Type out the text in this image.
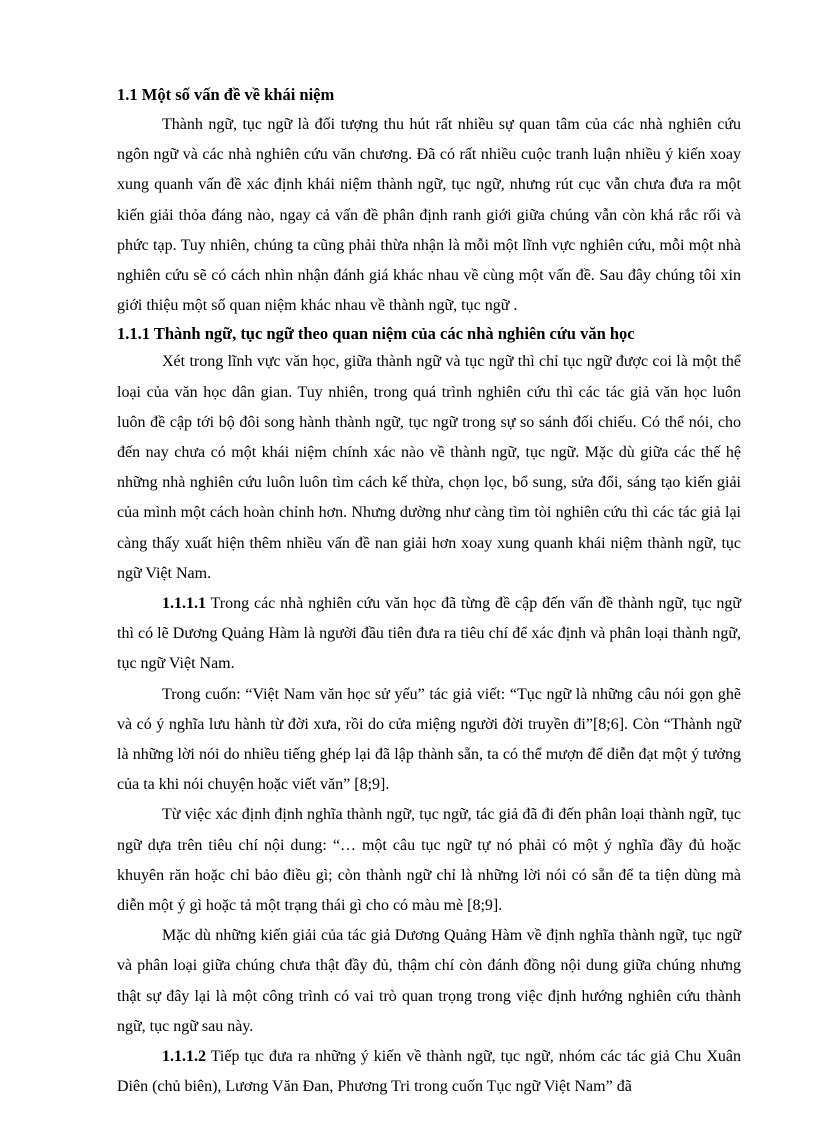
1.1 Một số vấn đề về khái niệm

Thành ngữ, tục ngữ là đối tượng thu hút rất nhiều sự quan tâm của các nhà nghiên cứu ngôn ngữ và các nhà nghiên cứu văn chương. Đã có rất nhiều cuộc tranh luận nhiều ý kiến xoay xung quanh vấn đề xác định khái niệm thành ngữ, tục ngữ, nhưng rút cục vẫn chưa đưa ra một kiến giải thỏa đáng nào, ngay cả vấn đề phân định ranh giới giữa chúng vẫn còn khá rắc rối và phức tạp. Tuy nhiên, chúng ta cũng phải thừa nhận là mỗi một lĩnh vực nghiên cứu, mỗi một nhà nghiên cứu sẽ có cách nhìn nhận đánh giá khác nhau về cùng một vấn đề. Sau đây chúng tôi xin giới thiệu một số quan niệm khác nhau về thành ngữ, tục ngữ .

1.1.1 Thành ngữ, tục ngữ theo quan niệm của các nhà nghiên cứu văn học

Xét trong lĩnh vực văn học, giữa thành ngữ và tục ngữ thì chỉ tục ngữ được coi là một thể loại của văn học dân gian. Tuy nhiên, trong quá trình nghiên cứu thì các tác giả văn học luôn luôn đề cập tới bộ đôi song hành thành ngữ, tục ngữ trong sự so sánh đối chiếu. Có thể nói, cho đến nay chưa có một khái niệm chính xác nào về thành ngữ, tục ngữ. Mặc dù giữa các thế hệ những nhà nghiên cứu luôn luôn tìm cách kế thừa, chọn lọc, bổ sung, sửa đổi, sáng tạo kiến giải của mình một cách hoàn chỉnh hơn. Nhưng dường như càng tìm tòi nghiên cứu thì các tác giả lại càng thấy xuất hiện thêm nhiều vấn đề nan giải hơn xoay xung quanh khái niệm thành ngữ, tục ngữ Việt Nam.

1.1.1.1 Trong các nhà nghiên cứu văn học đã từng đề cập đến vấn đề thành ngữ, tục ngữ thì có lẽ Dương Quảng Hàm là người đầu tiên đưa ra tiêu chí để xác định và phân loại thành ngữ, tục ngữ Việt Nam.

Trong cuốn: “Việt Nam văn học sử yếu” tác giả viết: “Tục ngữ là những câu nói gọn ghẽ và có ý nghĩa lưu hành từ đời xưa, rồi do cửa miệng người đời truyền đi”[8;6]. Còn “Thành ngữ là những lời nói do nhiều tiếng ghép lại đã lập thành sẵn, ta có thể mượn để diễn đạt một ý tưởng của ta khi nói chuyện hoặc viết văn” [8;9].

Từ việc xác định định nghĩa thành ngữ, tục ngữ, tác giả đã đi đến phân loại thành ngữ, tục ngữ dựa trên tiêu chí nội dung: “… một câu tục ngữ tự nó phải có một ý nghĩa đầy đủ hoặc khuyên răn hoặc chỉ bảo điều gì; còn thành ngữ chỉ là những lời nói có sẵn để ta tiện dùng mà diễn một ý gì hoặc tả một trạng thái gì cho có màu mè [8;9].

Mặc dù những kiến giải của tác giả Dương Quảng Hàm về định nghĩa thành ngữ, tục ngữ và phân loại giữa chúng chưa thật đầy đủ, thậm chí còn đánh đồng nội dung giữa chúng nhưng thật sự đây lại là một công trình có vai trò quan trọng trong việc định hướng nghiên cứu thành ngữ, tục ngữ sau này.

1.1.1.2 Tiếp tục đưa ra những ý kiến về thành ngữ, tục ngữ, nhóm các tác giả Chu Xuân Diên (chủ biên), Lương Văn Đan, Phương Tri trong cuốn Tục ngữ Việt Nam” đã
